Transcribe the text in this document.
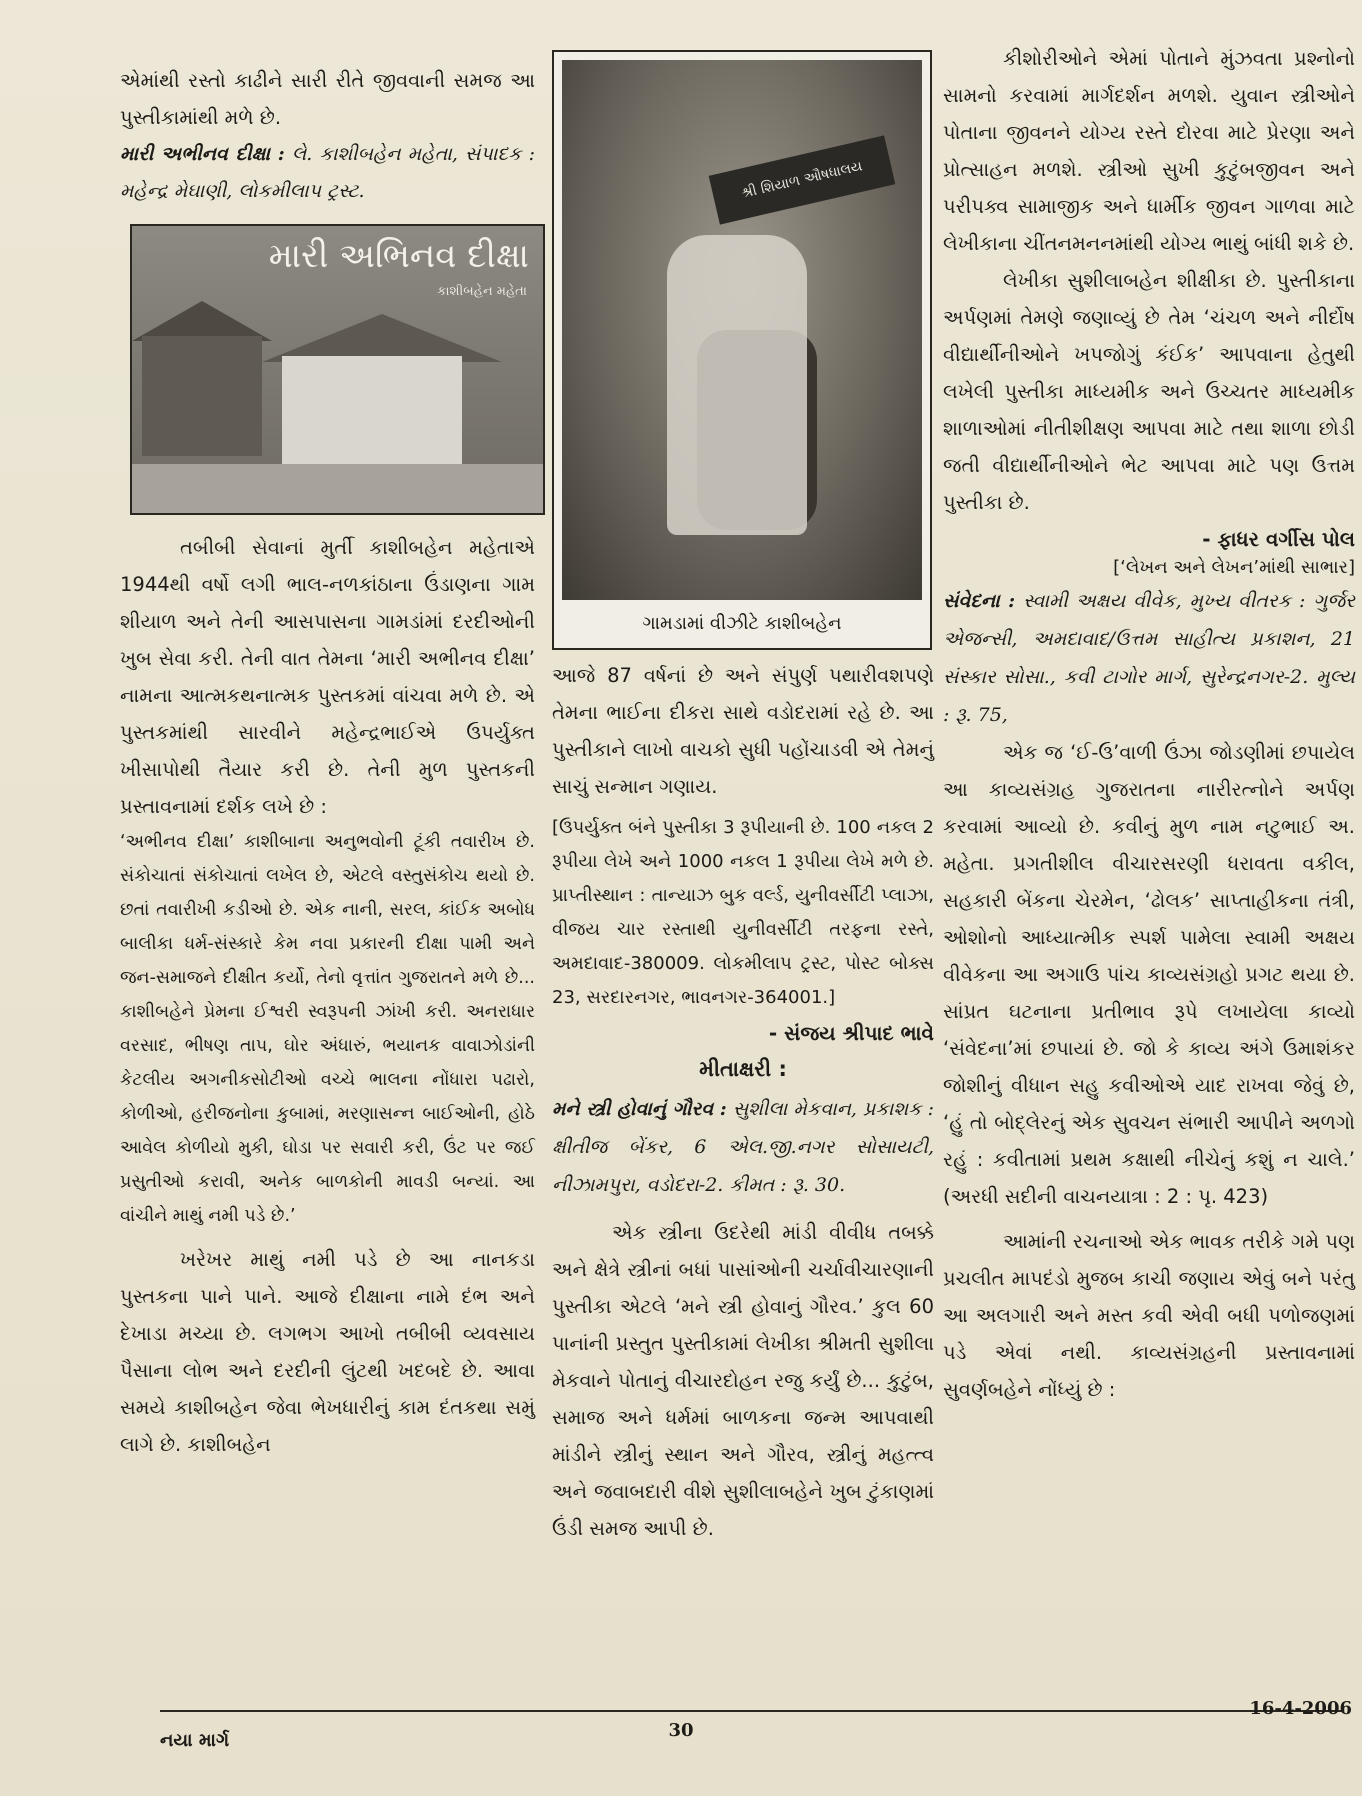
એમાંથી રસ્તો કાઢીને સારી રીતે જીવવાની સમજ આ પુસ્તીકામાંથી મળે છે.

મારી અભીનવ દીક્ષા : લે. કાશીબહેન મહેતા, સંપાદક : મહેન્દ્ર મેઘાણી, લોકમીલાપ ટ્રસ્ટ.

મારી અભિનવ દીક્ષા
કાશીબહેન મહેતા

તબીબી સેવાનાં મુર્તી કાશીબહેન મહેતાએ 1944થી વર્ષો લગી ભાલ-નળકાંઠાના ઉંડાણના ગામ શીયાળ અને તેની આસપાસના ગામડાંમાં દરદીઓની ખુબ સેવા કરી. તેની વાત તેમના ‘મારી અભીનવ દીક્ષા’ નામના આત્મકથનાત્મક પુસ્તકમાં વાંચવા મળે છે. એ પુસ્તકમાંથી સારવીને મહેન્દ્રભાઈએ ઉપર્યુક્ત ખીસાપોથી તૈયાર કરી છે. તેની મુળ પુસ્તકની પ્રસ્તાવનામાં દર્શક લખે છે :

‘અભીનવ દીક્ષા’ કાશીબાના અનુભવોની ટૂંકી તવારીખ છે. સંકોચાતાં સંકોચાતાં લખેલ છે, એટલે વસ્તુસંકોચ થયો છે. છતાં તવારીખી કડીઓ છે. એક નાની, સરલ, કાંઈક અબોધ બાલીકા ધર્મ-સંસ્કારે કેમ નવા પ્રકારની દીક્ષા પામી અને જન-સમાજને દીક્ષીત કર્યો, તેનો વૃત્તાંત ગુજરાતને મળે છે... કાશીબહેને પ્રેમના ઈશ્વરી સ્વરૂપની ઝાંખી કરી. અનરાધાર વરસાદ, ભીષણ તાપ, ઘોર અંધારું, ભયાનક વાવાઝોડાંની કેટલીય અગનીકસોટીઓ વચ્ચે ભાલના નોંધારા પઢારો, કોળીઓ, હરીજનોના કુબામાં, મરણાસન્ન બાઈઓની, હોઠે આવેલ કોળીયો મુકી, ઘોડા પર સવારી કરી, ઉંટ પર જઈ પ્રસુતીઓ કરાવી, અનેક બાળકોની માવડી બન્યાં. આ વાંચીને માથું નમી પડે છે.’

ખરેખર માથું નમી પડે છે આ નાનકડા પુસ્તકના પાને પાને. આજે દીક્ષાના નામે દંભ અને દેખાડા મચ્યા છે. લગભગ આખો તબીબી વ્યવસાય પૈસાના લોભ અને દરદીની લુંટથી ખદબદે છે. આવા સમયે કાશીબહેન જેવા ભેખધારીનું કામ દંતકથા સમું લાગે છે. કાશીબહેન

શ્રી શિયાળ ઔષધાલય
ગામડામાં વીઝીટે કાશીબહેન

આજે 87 વર્ષનાં છે અને સંપુર્ણ પથારીવશપણે તેમના ભાઈના દીકરા સાથે વડોદરામાં રહે છે. આ પુસ્તીકાને લાખો વાચકો સુધી પહોંચાડવી એ તેમનું સાચું સન્માન ગણાય.

[ઉપર્યુક્ત બંને પુસ્તીકા 3 રૂપીયાની છે. 100 નકલ 2 રૂપીયા લેખે અને 1000 નકલ 1 રૂપીયા લેખે મળે છે. પ્રાપ્તીસ્થાન : તાન્યાઝ બુક વર્લ્ડ, યુનીવર્સીટી પ્લાઝા, વીજય ચાર રસ્તાથી યુનીવર્સીટી તરફના રસ્તે, અમદાવાદ-380009. લોકમીલાપ ટ્રસ્ટ, પોસ્ટ બોક્સ 23, સરદારનગર, ભાવનગર-364001.]

- સંજય શ્રીપાદ ભાવે
મીતાક્ષરી :

મને સ્ત્રી હોવાનું ગૌરવ : સુશીલા મેકવાન, પ્રકાશક : ક્ષીતીજ બેંકર, 6 એલ.જી.નગર સોસાયટી, નીઝામપુરા, વડોદરા-2. કીમત : રૂ. 30.

એક સ્ત્રીના ઉદરેથી માંડી વીવીધ તબક્કે અને ક્ષેત્રે સ્ત્રીનાં બધાં પાસાંઓની ચર્ચાવીચારણાની પુસ્તીકા એટલે ‘મને સ્ત્રી હોવાનું ગૌરવ.’ કુલ 60 પાનાંની પ્રસ્તુત પુસ્તીકામાં લેખીકા શ્રીમતી સુશીલા મેકવાને પોતાનું વીચારદોહન રજુ કર્યું છે... કુટુંબ, સમાજ અને ધર્મમાં બાળકના જન્મ આપવાથી માંડીને સ્ત્રીનું સ્થાન અને ગૌરવ, સ્ત્રીનું મહત્ત્વ અને જવાબદારી વીશે સુશીલાબહેને ખુબ ટુંકાણમાં ઉંડી સમજ આપી છે.

કીશોરીઓને એમાં પોતાને મુંઝવતા પ્રશ્નોનો સામનો કરવામાં માર્ગદર્શન મળશે. યુવાન સ્ત્રીઓને પોતાના જીવનને યોગ્ય રસ્તે દોરવા માટે પ્રેરણા અને પ્રોત્સાહન મળશે. સ્ત્રીઓ સુખી કુટુંબજીવન અને પરીપક્વ સામાજીક અને ધાર્મીક જીવન ગાળવા માટે લેખીકાના ચીંતનમનનમાંથી યોગ્ય ભાથું બાંધી શકે છે.

લેખીકા સુશીલાબહેન શીક્ષીકા છે. પુસ્તીકાના અર્પણમાં તેમણે જણાવ્યું છે તેમ ‘ચંચળ અને નીર્દોષ વીદ્યાર્થીનીઓને ખપજોગું કંઈક’ આપવાના હેતુથી લખેલી પુસ્તીકા માધ્યમીક અને ઉચ્ચતર માધ્યમીક શાળાઓમાં નીતીશીક્ષણ આપવા માટે તથા શાળા છોડી જતી વીદ્યાર્થીનીઓને ભેટ આપવા માટે પણ ઉત્તમ પુસ્તીકા છે.

- ફાધર વર્ગીસ પોલ
[‘લેખન અને લેખન’માંથી સાભાર]

સંવેદના : સ્વામી અક્ષય વીવેક, મુખ્ય વીતરક : ગુર્જર એજન્સી, અમદાવાદ/ઉત્તમ સાહીત્ય પ્રકાશન, 21 સંસ્કાર સોસા., કવી ટાગોર માર્ગ, સુરેન્દ્રનગર-2. મુલ્ય : રૂ. 75,

એક જ ‘ઈ-ઉ’વાળી ઉંઝા જોડણીમાં છપાયેલ આ કાવ્યસંગ્રહ ગુજરાતના નારીરત્નોને અર્પણ કરવામાં આવ્યો છે. કવીનું મુળ નામ નટુભાઈ અ. મહેતા. પ્રગતીશીલ વીચારસરણી ધરાવતા વકીલ, સહકારી બેંકના ચેરમેન, ‘ઢોલક’ સાપ્તાહીકના તંત્રી, ઓશોનો આધ્યાત્મીક સ્પર્શ પામેલા સ્વામી અક્ષય વીવેકના આ અગાઉ પાંચ કાવ્યસંગ્રહો પ્રગટ થયા છે. સાંપ્રત ઘટનાના પ્રતીભાવ રૂપે લખાયેલા કાવ્યો ‘સંવેદના’માં છપાયાં છે. જો કે કાવ્ય અંગે ઉમાશંકર જોશીનું વીધાન સહુ કવીઓએ યાદ રાખવા જેવું છે, ‘હું તો બોદ્લેરનું એક સુવચન સંભારી આપીને અળગો રહું : કવીતામાં પ્રથમ કક્ષાથી નીચેનું કશું ન ચાલે.’ (અરધી સદીની વાચનયાત્રા : 2 : પૃ. 423)

આમાંની રચનાઓ એક ભાવક તરીકે ગમે પણ પ્રચલીત માપદંડો મુજબ કાચી જણાય એવું બને પરંતુ આ અલગારી અને મસ્ત કવી એવી બધી પળોજણમાં પડે એવાં નથી. કાવ્યસંગ્રહની પ્રસ્તાવનામાં સુવર્ણબહેને નોંધ્યું છે :

નયા માર્ગ	30
16-4-2006
